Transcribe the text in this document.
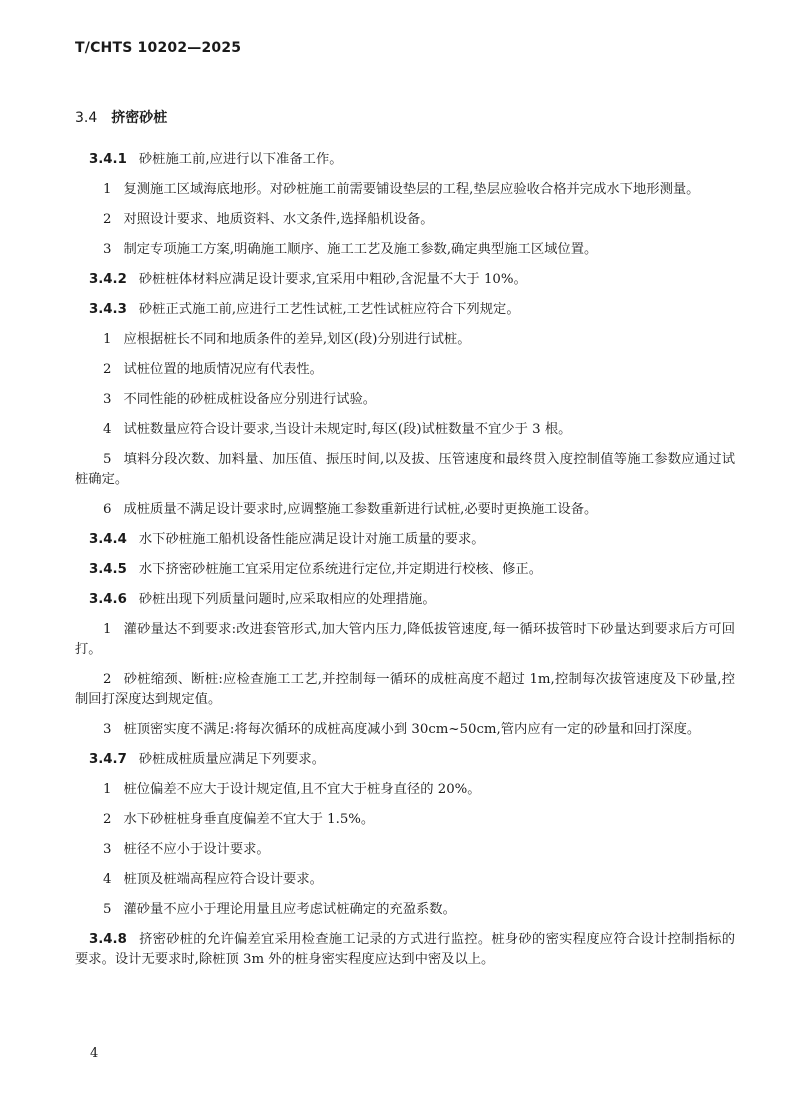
T/CHTS 10202—2025
3.4 挤密砂桩

3.4.1 砂桩施工前,应进行以下准备工作。

1 复测施工区域海底地形。对砂桩施工前需要铺设垫层的工程,垫层应验收合格并完成水下地形测量。

2 对照设计要求、地质资料、水文条件,选择船机设备。

3 制定专项施工方案,明确施工顺序、施工工艺及施工参数,确定典型施工区域位置。

3.4.2 砂桩桩体材料应满足设计要求,宜采用中粗砂,含泥量不大于 10%。

3.4.3 砂桩正式施工前,应进行工艺性试桩,工艺性试桩应符合下列规定。

1 应根据桩长不同和地质条件的差异,划区(段)分别进行试桩。

2 试桩位置的地质情况应有代表性。

3 不同性能的砂桩成桩设备应分别进行试验。

4 试桩数量应符合设计要求,当设计未规定时,每区(段)试桩数量不宜少于 3 根。

5 填料分段次数、加料量、加压值、振压时间,以及拔、压管速度和最终贯入度控制值等施工参数应通过试桩确定。

6 成桩质量不满足设计要求时,应调整施工参数重新进行试桩,必要时更换施工设备。

3.4.4 水下砂桩施工船机设备性能应满足设计对施工质量的要求。

3.4.5 水下挤密砂桩施工宜采用定位系统进行定位,并定期进行校核、修正。

3.4.6 砂桩出现下列质量问题时,应采取相应的处理措施。

1 灌砂量达不到要求:改进套管形式,加大管内压力,降低拔管速度,每一循环拔管时下砂量达到要求后方可回打。

2 砂桩缩颈、断桩:应检查施工工艺,并控制每一循环的成桩高度不超过 1m,控制每次拔管速度及下砂量,控制回打深度达到规定值。

3 桩顶密实度不满足:将每次循环的成桩高度减小到 30cm~50cm,管内应有一定的砂量和回打深度。

3.4.7 砂桩成桩质量应满足下列要求。

1 桩位偏差不应大于设计规定值,且不宜大于桩身直径的 20%。

2 水下砂桩桩身垂直度偏差不宜大于 1.5%。

3 桩径不应小于设计要求。

4 桩顶及桩端高程应符合设计要求。

5 灌砂量不应小于理论用量且应考虑试桩确定的充盈系数。

3.4.8 挤密砂桩的允许偏差宜采用检查施工记录的方式进行监控。桩身砂的密实程度应符合设计控制指标的要求。设计无要求时,除桩顶 3m 外的桩身密实程度应达到中密及以上。

4
